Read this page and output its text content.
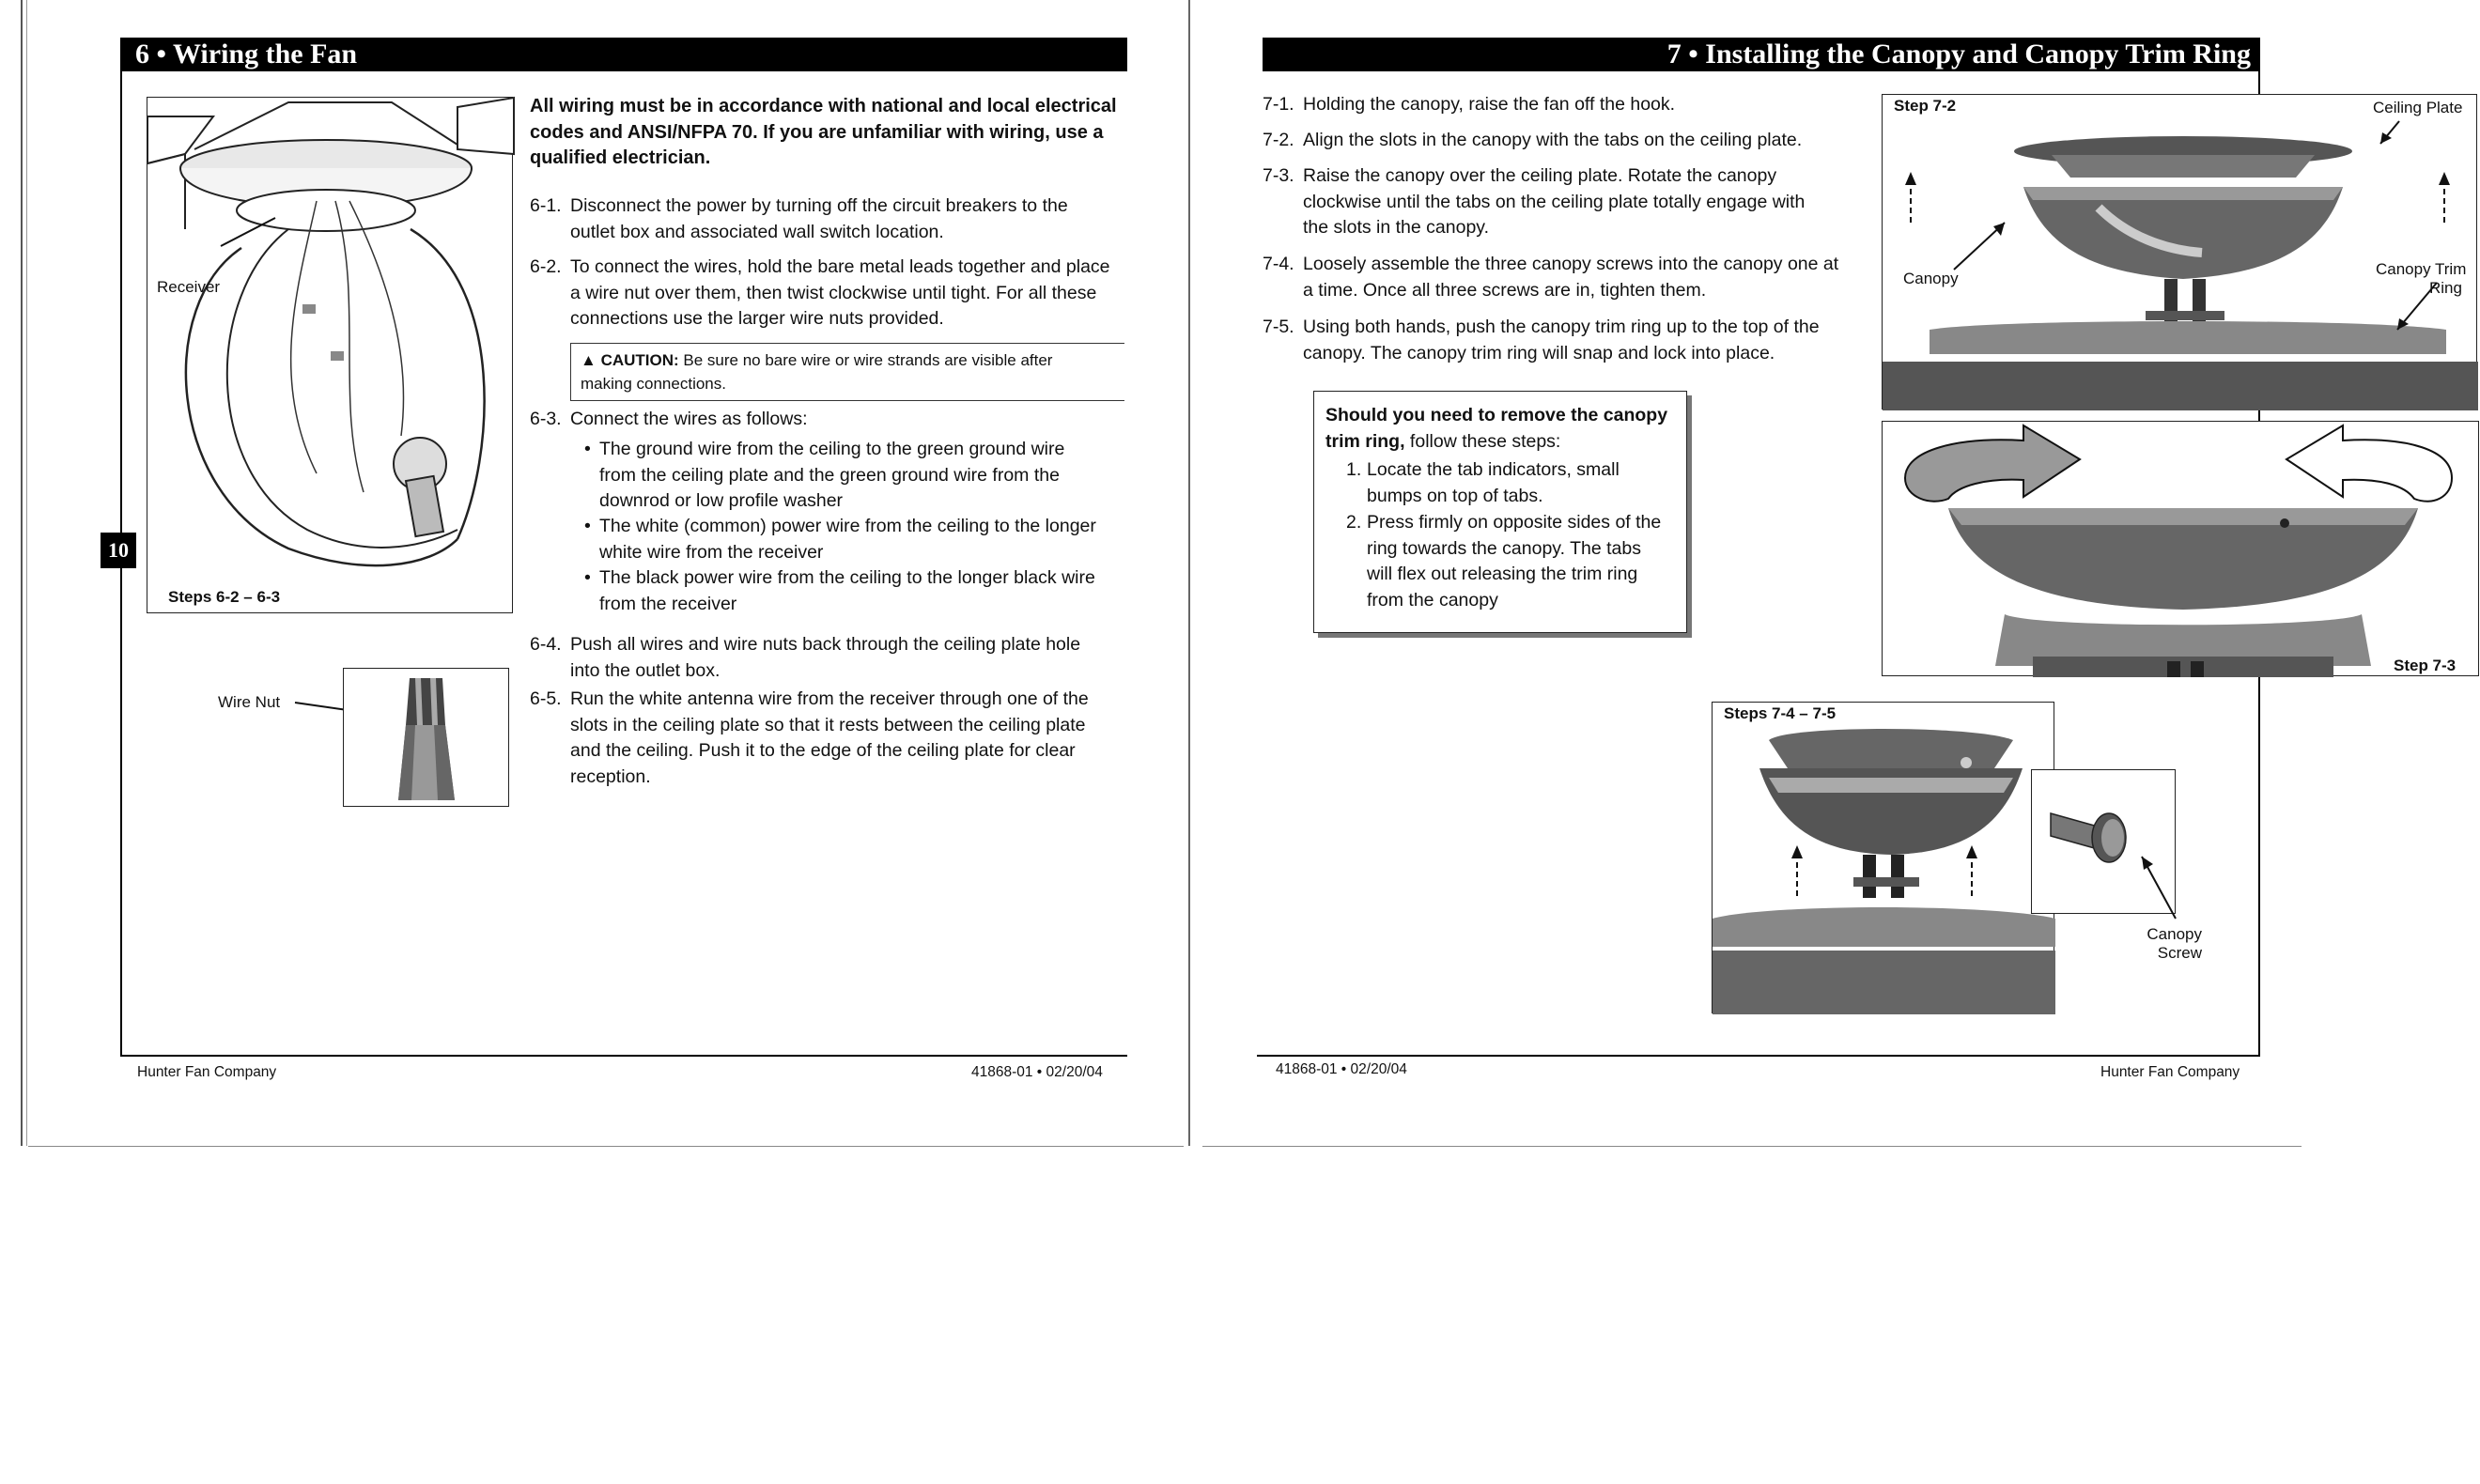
6 • Wiring the Fan
10
Receiver
Steps 6-2 – 6-3
Wire Nut
All wiring must be in accordance with national and local electrical
codes and ANSI/NFPA 70. If you are unfamiliar with wiring, use a
qualified electrician.
6-1. Disconnect the power by turning off the circuit breakers to the
outlet box and associated wall switch location.
6-2. To connect the wires, hold the bare metal leads together and place
a wire nut over them, then twist clockwise until tight. For all these
connections use the larger wire nuts provided.
▲ CAUTION: Be sure no bare wire or wire strands are visible after
making connections.
6-3. Connect the wires as follows:
• The ground wire from the ceiling to the green ground wire
from the ceiling plate and the green ground wire from the
downrod or low profile washer
• The white (common) power wire from the ceiling to the longer
white wire from the receiver
• The black power wire from the ceiling to the longer black wire
from the receiver
6-4. Push all wires and wire nuts back through the ceiling plate hole
into the outlet box.
6-5. Run the white antenna wire from the receiver through one of the
slots in the ceiling plate so that it rests between the ceiling plate
and the ceiling. Push it to the edge of the ceiling plate for clear
reception.
Hunter Fan Company	41868-01 • 02/20/04
7 • Installing the Canopy and Canopy Trim Ring
7-1. Holding the canopy, raise the fan off the hook.
7-2. Align the slots in the canopy with the tabs on the ceiling plate.
7-3. Raise the canopy over the ceiling plate. Rotate the canopy
clockwise until the tabs on the ceiling plate totally engage with
the slots in the canopy.
7-4. Loosely assemble the three canopy screws into the canopy one at
a time. Once all three screws are in, tighten them.
7-5. Using both hands, push the canopy trim ring up to the top of the
canopy. The canopy trim ring will snap and lock into place.
Should you need to remove the canopy
trim ring, follow these steps:
1. Locate the tab indicators, small
bumps on top of tabs.
2. Press firmly on opposite sides of the
ring towards the canopy. The tabs
will flex out releasing the trim ring
from the canopy
Step 7-2	Ceiling Plate
Canopy
Canopy Trim
Ring
Step 7-3
Steps 7-4 – 7-5
Canopy
Screw
41868-01 • 02/20/04	Hunter Fan Company
